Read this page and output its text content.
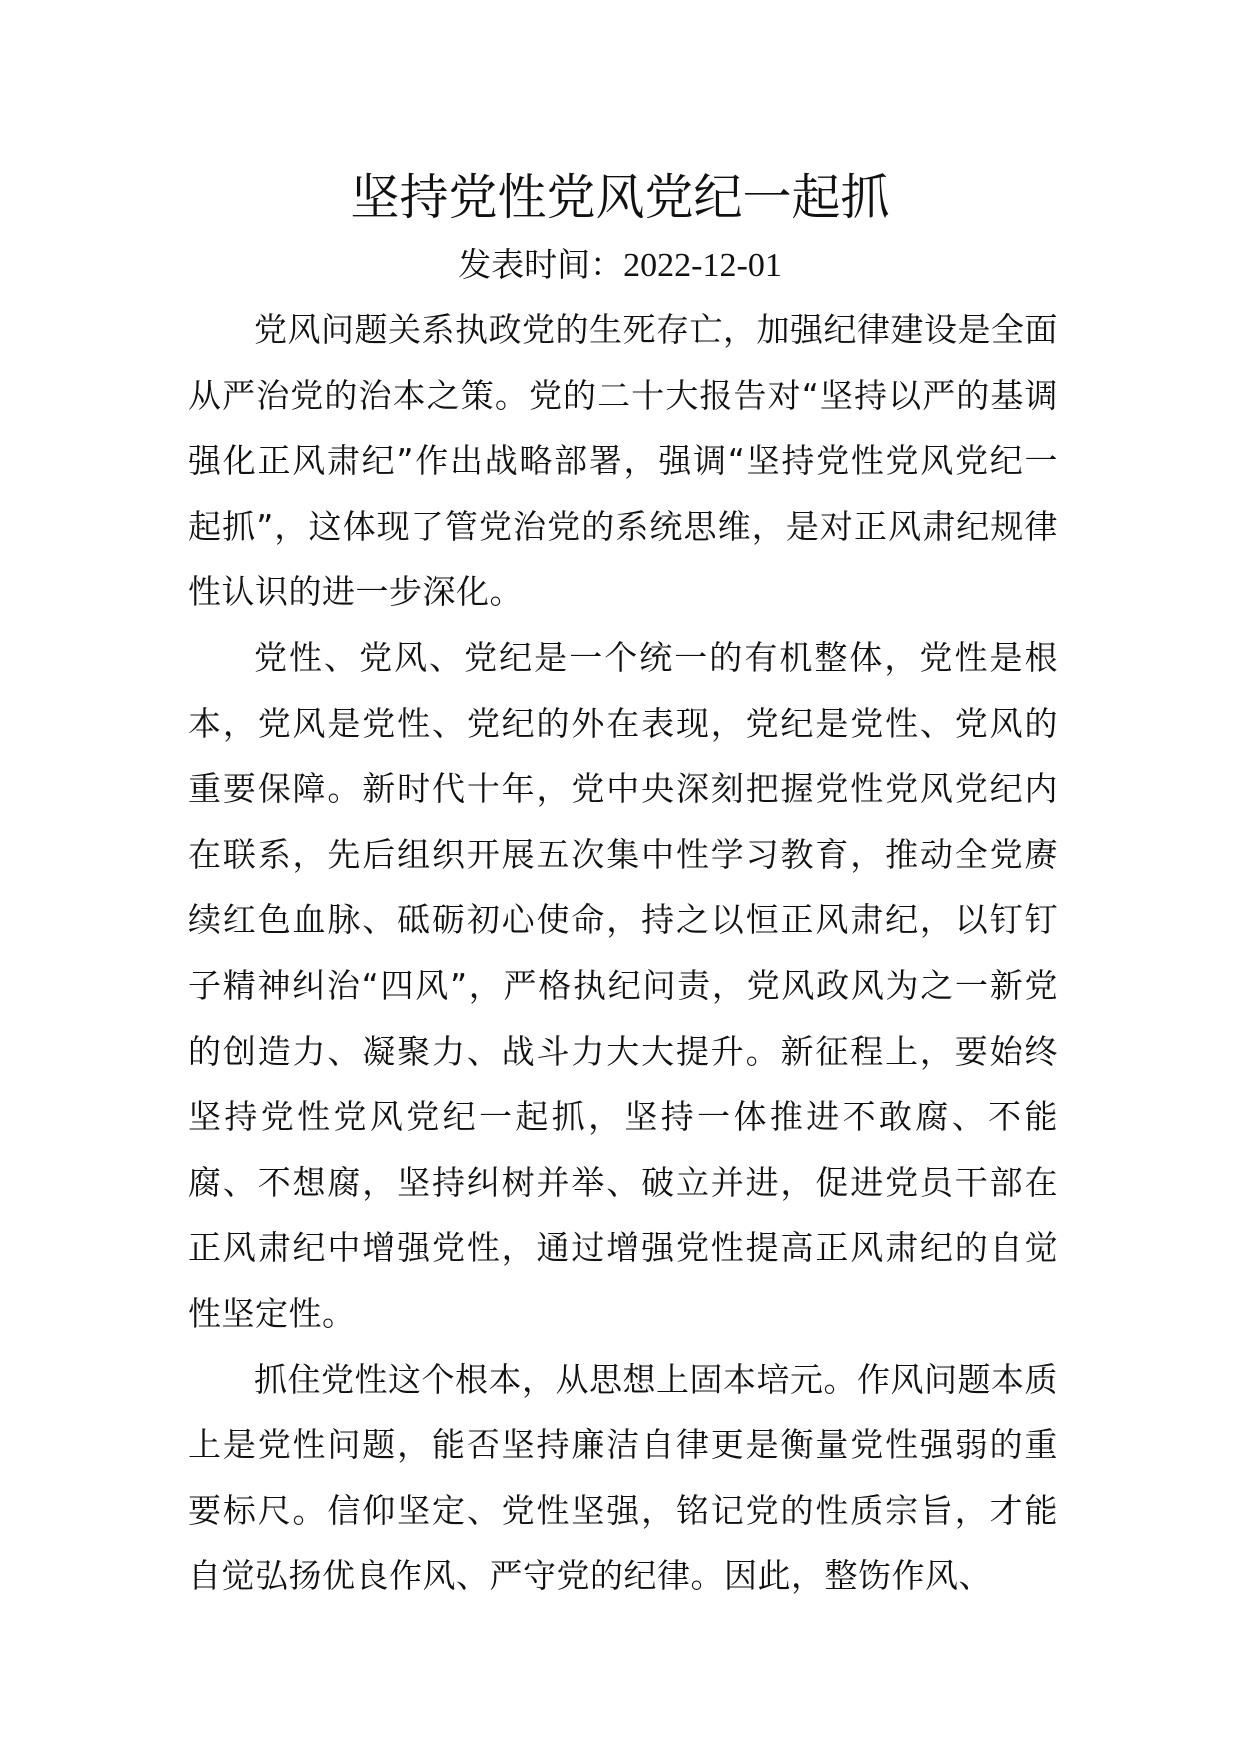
坚持党性党风党纪一起抓
发表时间：2022-12-01

党风问题关系执政党的生死存亡，加强纪律建设是全面从严治党的治本之策。党的二十大报告对“坚持以严的基调强化正风肃纪”作出战略部署，强调“坚持党性党风党纪一起抓”，这体现了管党治党的系统思维，是对正风肃纪规律性认识的进一步深化。

党性、党风、党纪是一个统一的有机整体，党性是根本，党风是党性、党纪的外在表现，党纪是党性、党风的重要保障。新时代十年，党中央深刻把握党性党风党纪内在联系，先后组织开展五次集中性学习教育，推动全党赓续红色血脉、砥砺初心使命，持之以恒正风肃纪，以钉钉子精神纠治“四风”，严格执纪问责，党风政风为之一新党的创造力、凝聚力、战斗力大大提升。新征程上，要始终坚持党性党风党纪一起抓，坚持一体推进不敢腐、不能腐、不想腐，坚持纠树并举、破立并进，促进党员干部在正风肃纪中增强党性，通过增强党性提高正风肃纪的自觉性坚定性。

抓住党性这个根本，从思想上固本培元。作风问题本质上是党性问题，能否坚持廉洁自律更是衡量党性强弱的重要标尺。信仰坚定、党性坚强，铭记党的性质宗旨，才能自觉弘扬优良作风、严守党的纪律。因此，整饬作风、
